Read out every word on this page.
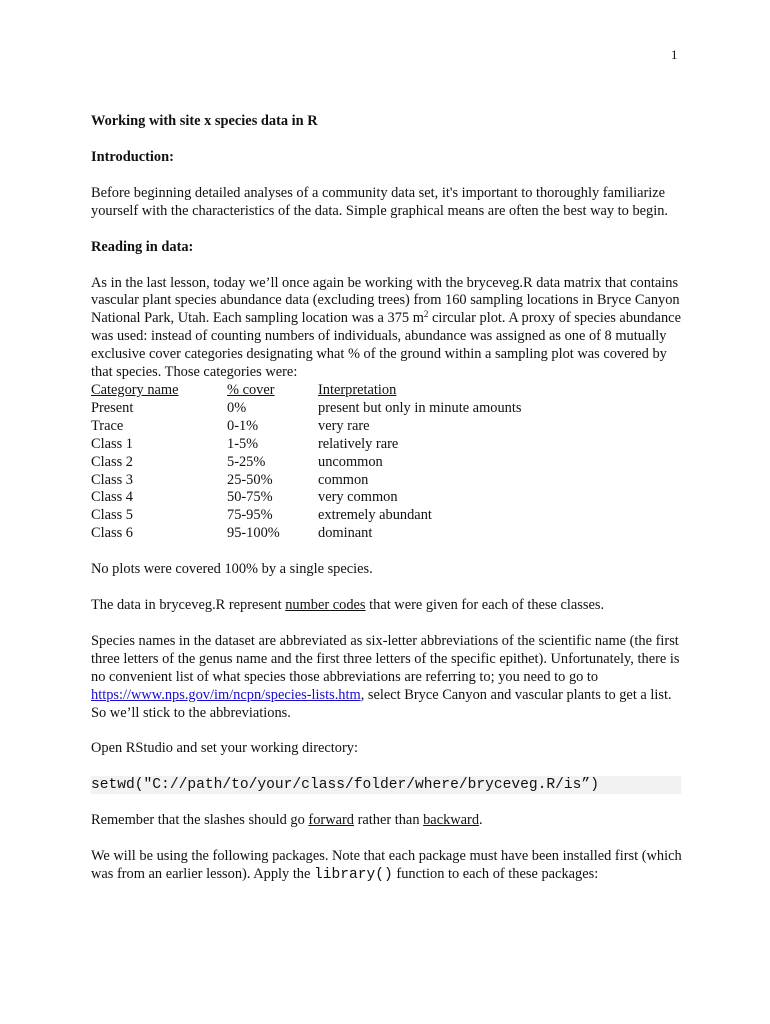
1

Working with site x species data in R

Introduction:

Before beginning detailed analyses of a community data set, it's important to thoroughly familiarize yourself with the characteristics of the data. Simple graphical means are often the best way to begin.

Reading in data:

As in the last lesson, today we’ll once again be working with the bryceveg.R data matrix that contains vascular plant species abundance data (excluding trees) from 160 sampling locations in Bryce Canyon National Park, Utah. Each sampling location was a 375 $m^2$ circular plot. A proxy of species abundance was used: instead of counting numbers of individuals, abundance was assigned as one of 8 mutually exclusive cover categories designating what % of the ground within a sampling plot was covered by that species. Those categories were:

Category name	% cover	Interpretation
Present	0%	present but only in minute amounts
Trace	0-1%	very rare
Class 1	1-5%	relatively rare
Class 2	5-25%	uncommon
Class 3	25-50%	common
Class 4	50-75%	very common
Class 5	75-95%	extremely abundant
Class 6	95-100%	dominant

No plots were covered 100% by a single species.

The data in bryceveg.R represent number codes that were given for each of these classes.

Species names in the dataset are abbreviated as six-letter abbreviations of the scientific name (the first three letters of the genus name and the first three letters of the specific epithet). Unfortunately, there is no convenient list of what species those abbreviations are referring to; you need to go to https://www.nps.gov/im/ncpn/species-lists.htm, select Bryce Canyon and vascular plants to get a list. So we’ll stick to the abbreviations.

Open RStudio and set your working directory:

setwd("C://path/to/your/class/folder/where/bryceveg.R/is”)

Remember that the slashes should go forward rather than backward.

We will be using the following packages. Note that each package must have been installed first (which was from an earlier lesson). Apply the library() function to each of these packages:
